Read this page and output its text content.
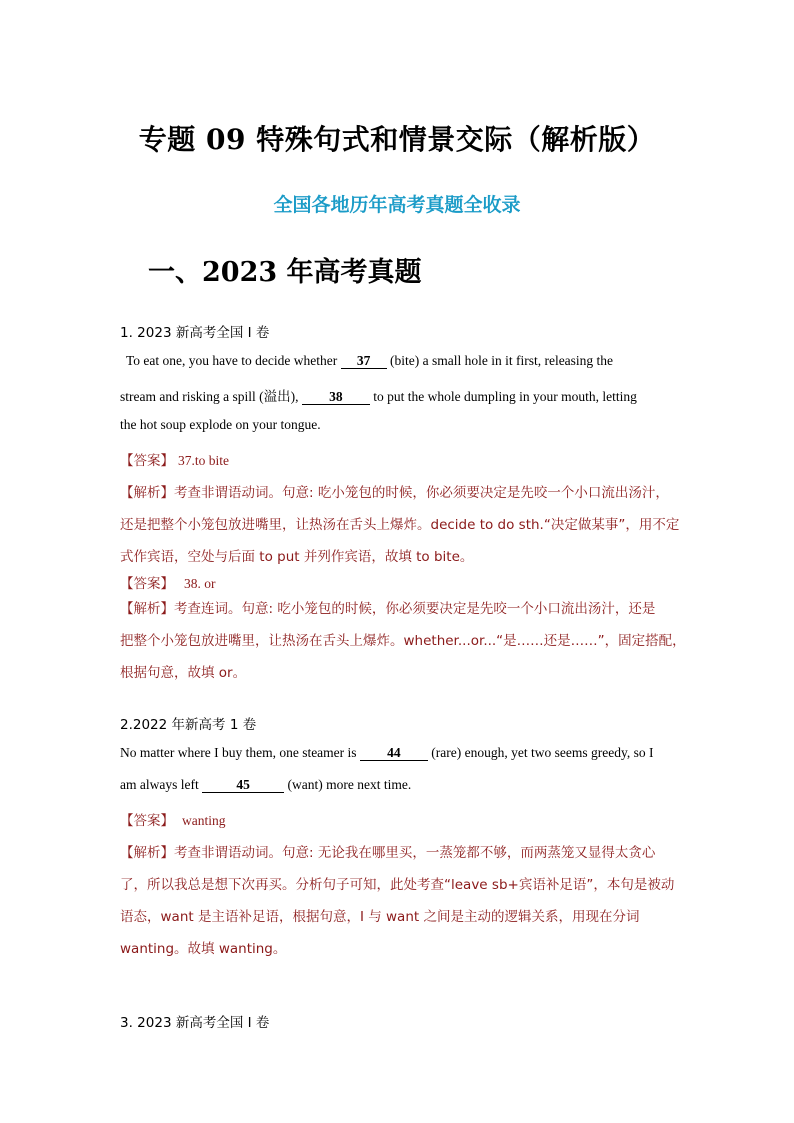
专题 09 特殊句式和情景交际（解析版）
全国各地历年高考真题全收录
一、2023 年高考真题
1. 2023 新高考全国 I 卷
To eat one, you have to decide whether 37 (bite) a small hole in it first, releasing the
stream and risking a spill (溢出), 38 to put the whole dumpling in your mouth, letting
the hot soup explode on your tongue.
【答案】 37.to bite
【解析】考查非谓语动词。句意: 吃小笼包的时候，你必须要决定是先咬一个小口流出汤汁，
还是把整个小笼包放进嘴里，让热汤在舌头上爆炸。decide to do sth.“决定做某事”，用不定
式作宾语，空处与后面 to put 并列作宾语，故填 to bite。
【答案】 38. or
【解析】考查连词。句意: 吃小笼包的时候，你必须要决定是先咬一个小口流出汤汁，还是
把整个小笼包放进嘴里，让热汤在舌头上爆炸。whether...or...“是……还是……”，固定搭配，
根据句意，故填 or。
2.2022 年新高考 1 卷
No matter where I buy them, one steamer is 44 (rare) enough, yet two seems greedy, so I
am always left	45	(want) more next time.
【答案】 wanting
【解析】考查非谓语动词。句意: 无论我在哪里买，一蒸笼都不够，而两蒸笼又显得太贪心
了，所以我总是想下次再买。分析句子可知，此处考查“leave sb+宾语补足语”，本句是被动
语态，want 是主语补足语，根据句意，I 与 want 之间是主动的逻辑关系，用现在分词
wanting。故填 wanting。
3. 2023 新高考全国 I 卷
